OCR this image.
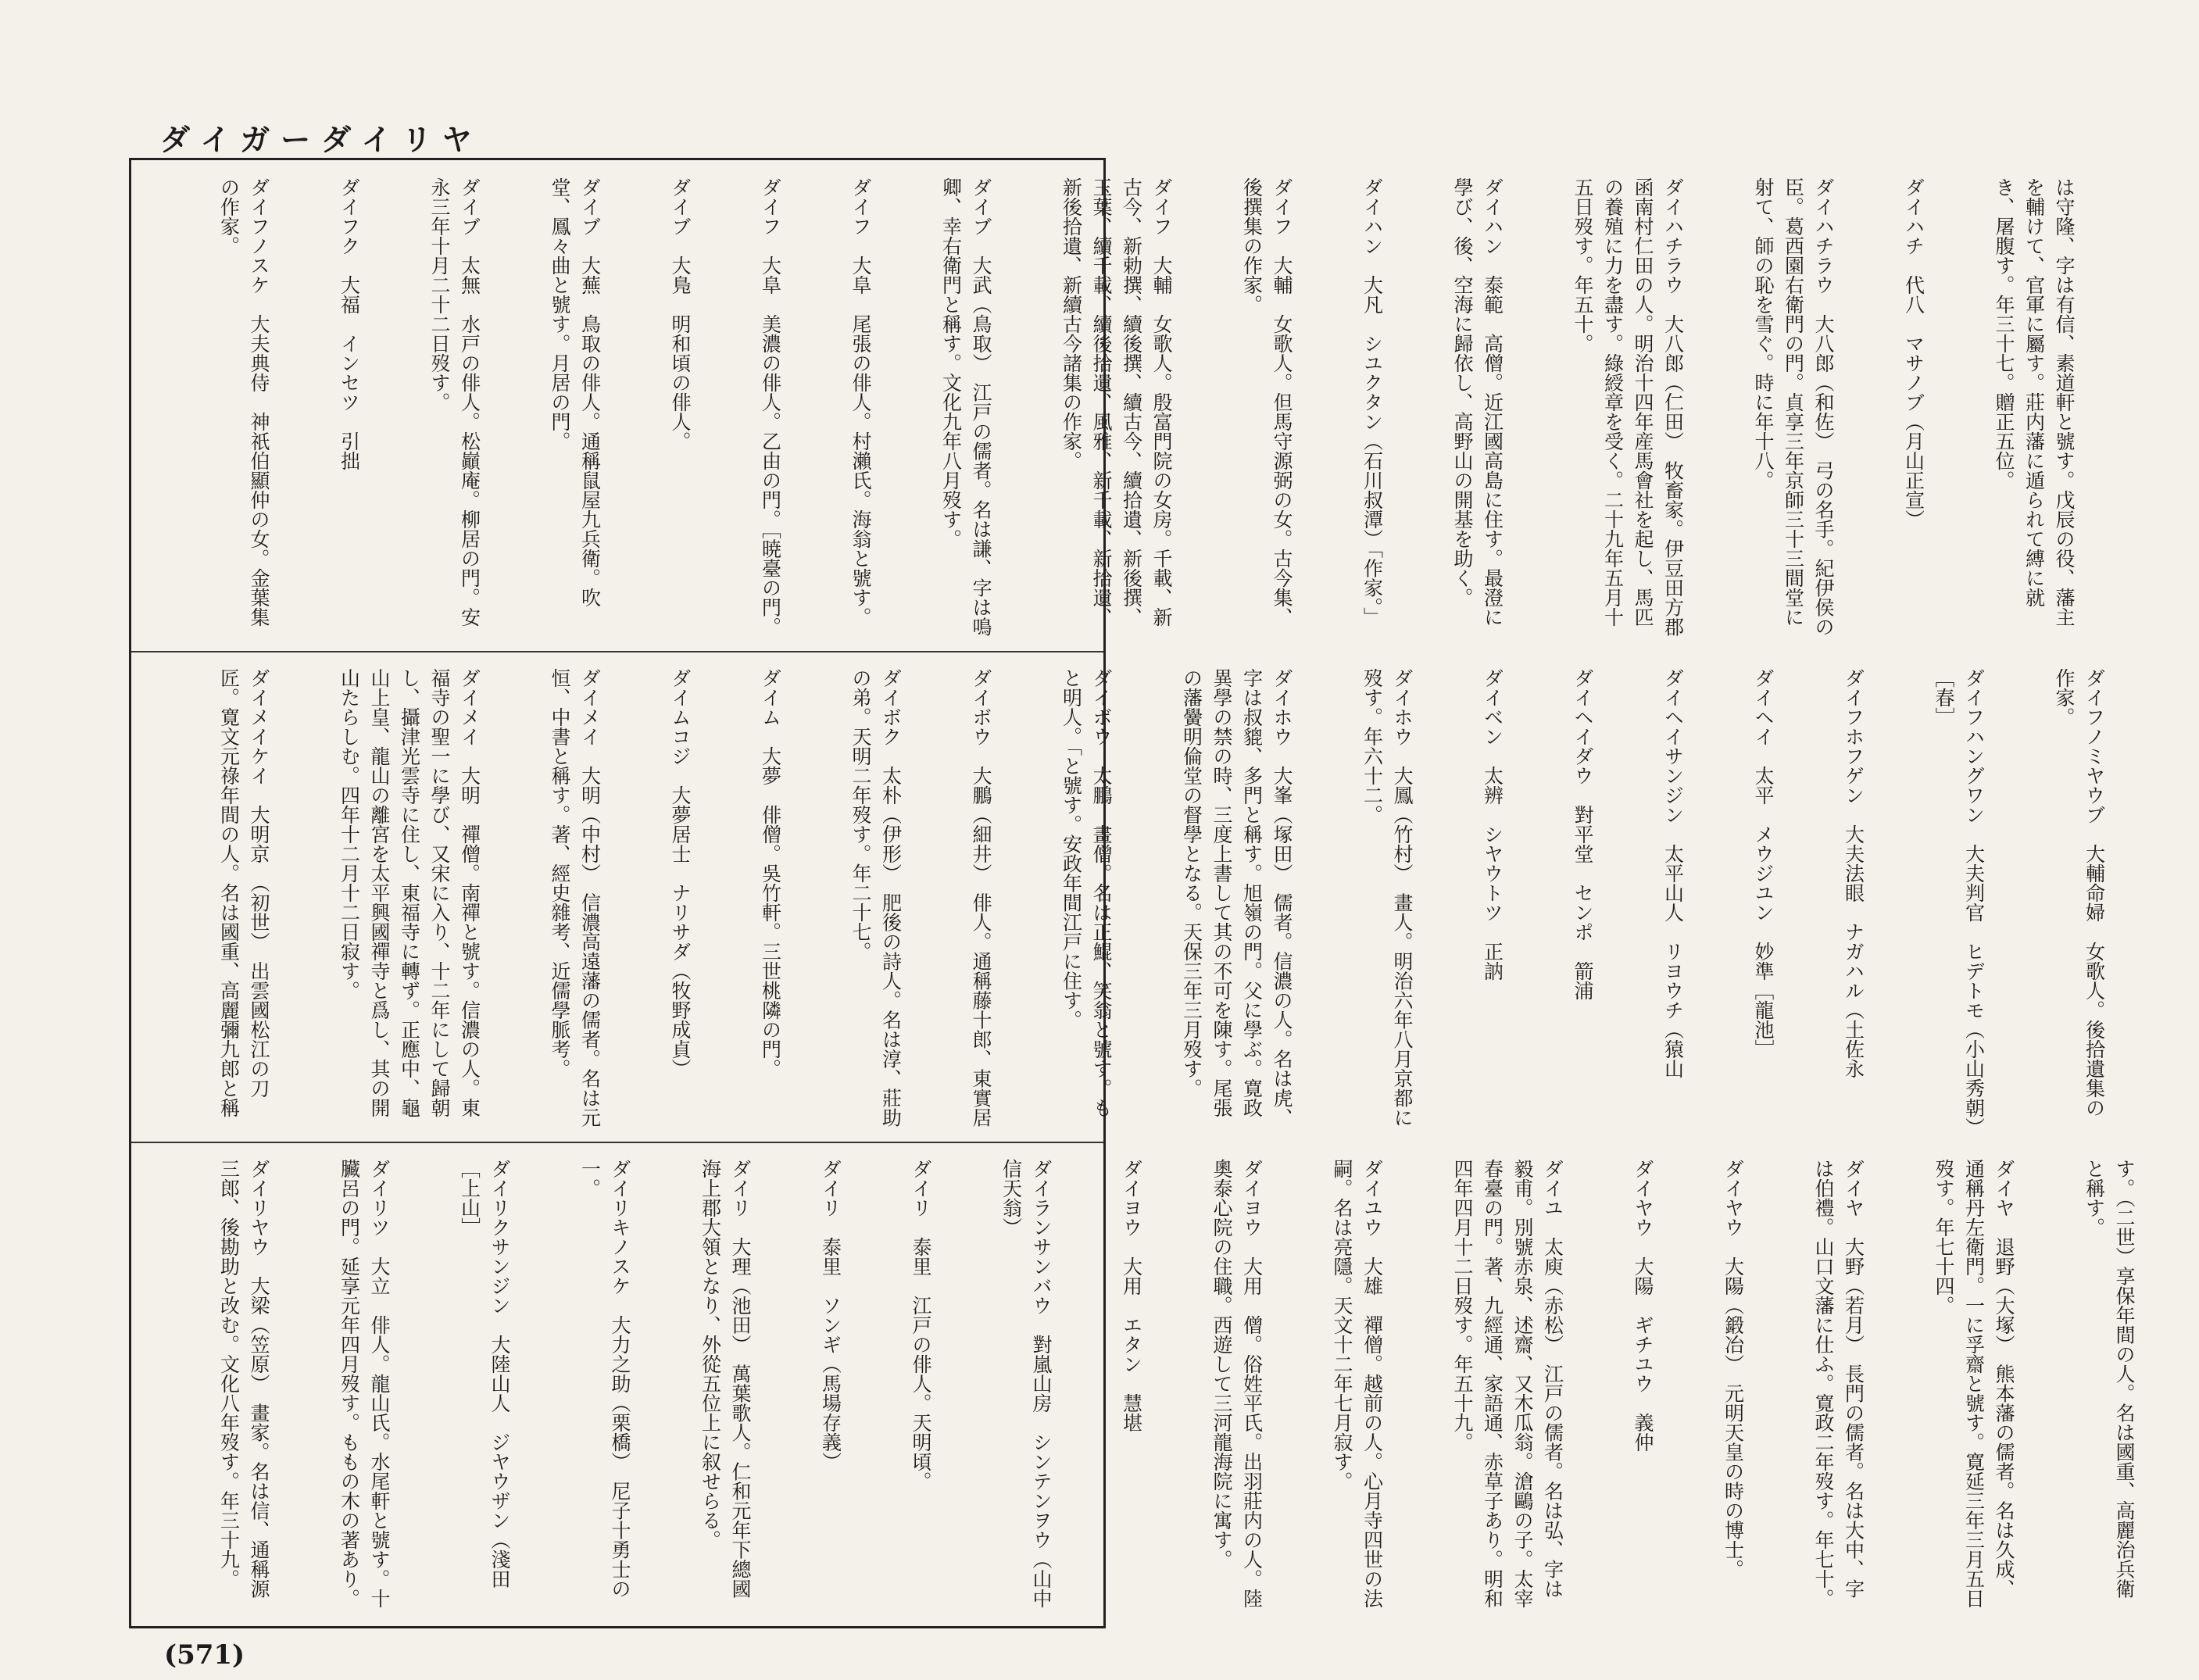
ダイガーダイリヤ

は守隆、字は有信、素道軒と號す。戊辰の役、藩主を輔けて、官軍に屬す。莊内藩に遁られて縛に就き、屠腹す。年三十七。贈正五位。

ダイハチ　代八　マサノブ（月山正宣）

ダイハチラウ　大八郎（和佐）　弓の名手。紀伊侯の臣。葛西園右衛門の門。貞享三年京師三十三間堂に射て、師の恥を雪ぐ。時に年十八。

ダイハチラウ　大八郎（仁田）　牧畜家。伊豆田方郡函南村仁田の人。明治十四年産馬會社を起し、馬匹の養殖に力を盡す。綠綬章を受く。二十九年五月十五日歿す。年五十。

ダイハン　泰範　高僧。近江國高島に住す。最澄に學び、後、空海に歸依し、高野山の開基を助く。

ダイハン　大凡　シユクタン（石川叔潭）「作家。」

ダイフ　大輔　女歌人。但馬守源弼の女。古今集、後撰集の作家。

ダイフ　大輔　女歌人。殷富門院の女房。千載、新古今、新勅撰、續後撰、續古今、續拾遺、新後撰、玉葉、續千載、續後拾遺、風雅、新千載、新拾遺、新後拾遺、新續古今諸集の作家。

ダイブ　大武（鳥取）　江戸の儒者。名は謙、字は鳴卿、幸右衛門と稱す。文化九年八月歿す。

ダイフ　大阜　尾張の俳人。村瀨氏。海翁と號す。

ダイフ　大阜　美濃の俳人。乙由の門。［暁臺の門。

ダイブ　大鳬　明和頃の俳人。

ダイブ　大蕪　鳥取の俳人。通稱鼠屋九兵衛。吹堂、鳳々曲と號す。月居の門。

ダイブ　太無　水戸の俳人。松巓庵。柳居の門。安永三年十月二十二日歿す。

ダイフク　大福　インセツ　引拙

ダイフノスケ　大夫典侍　神祇伯顯仲の女。金葉集の作家。

ダイフノミヤウブ　大輔命婦　女歌人。後拾遺集の作家。

ダイフハングワン　大夫判官　ヒデトモ（小山秀朝）［春］

ダイフホフゲン　大夫法眼　ナガハル（土佐永

ダイヘイ　太平　メウジユン　妙準［龍池］

ダイヘイサンジン　太平山人　リヨウチ（猿山

ダイヘイダウ　對平堂　センポ　箭浦

ダイベン　太辨　シヤウトツ　正訥

ダイホウ　大鳳（竹村）　畫人。明治六年八月京都に歿す。年六十二。

ダイホウ　大峯（塚田）　儒者。信濃の人。名は虎、字は叔貔、多門と稱す。旭嶺の門。父に學ぶ。寛政異學の禁の時、三度上書して其の不可を陳す。尾張の藩黌明倫堂の督學となる。天保三年三月歿す。

ダイボウ　太鵬　畫僧。名は正鯤、笑翁と號す。もと明人。「と號す。安政年間江戸に住す。

ダイボウ　大鵬（細井）　俳人。通稱藤十郎、東實居

ダイボク　太朴（伊形）　肥後の詩人。名は淳、莊助の弟。天明二年歿す。年二十七。

ダイム　大夢　俳僧。吳竹軒。三世桃隣の門。

ダイムコジ　大夢居士　ナリサダ（牧野成貞）

ダイメイ　大明（中村）　信濃高遠藩の儒者。名は元恒、中書と稱す。著、經史雜考、近儒學脈考。

ダイメイ　大明　禪僧。南禪と號す。信濃の人。東福寺の聖一に學び、又宋に入り、十二年にして歸朝し、攝津光雲寺に住し、東福寺に轉ず。正應中、龜山上皇、龍山の離宮を太平興國禪寺と爲し、其の開山たらしむ。四年十二月十二日寂す。

ダイメイケイ　大明京　（初世）　出雲國松江の刀匠。寛文元祿年間の人。名は國重、高麗彌九郎と稱

す。（二世）享保年間の人。名は國重、高麗治兵衛と稱す。

ダイヤ　退野（大塚）　熊本藩の儒者。名は久成、通稱丹左衛門。一に孚齋と號す。寛延三年三月五日歿す。年七十四。

ダイヤ　大野（若月）　長門の儒者。名は大中、字は伯禮。山口文藩に仕ふ。寛政二年歿す。年七十。

ダイヤウ　大陽（鍛冶）　元明天皇の時の博士。

ダイヤウ　大陽　ギチユウ　義仲

ダイユ　太庾（赤松）　江戸の儒者。名は弘、字は毅甫。別號赤泉、述齋、又木瓜翁。滄鷗の子。太宰春臺の門。著、九經通、家語通、赤草子あり。明和四年四月十二日歿す。年五十九。

ダイユウ　大雄　禪僧。越前の人。心月寺四世の法嗣。名は亮隱。天文十二年七月寂す。

ダイヨウ　大用　僧。俗姓平氏。出羽莊内の人。陸奧泰心院の住職。西遊して三河龍海院に寓す。

ダイヨウ　大用　エタン　慧堪

ダイランサンバウ　對嵐山房　シンテンヲウ（山中信天翁）

ダイリ　泰里　江戸の俳人。天明頃。

ダイリ　泰里　ソンギ（馬場存義）

ダイリ　大理（池田）　萬葉歌人。仁和元年下總國海上郡大領となり、外從五位上に叙せらる。

ダイリキノスケ　大力之助（栗橋）　尼子十勇士の一。

ダイリクサンジン　大陸山人　ジヤウザン（淺田［上山］

ダイリツ　大立　俳人。龍山氏。水尾軒と號す。十臟呂の門。延享元年四月歿す。ももの木の著あり。

ダイリヤウ　大梁（笠原）　畫家。名は信、通稱源三郎、後勘助と改む。文化八年歿す。年三十九。

(571)
